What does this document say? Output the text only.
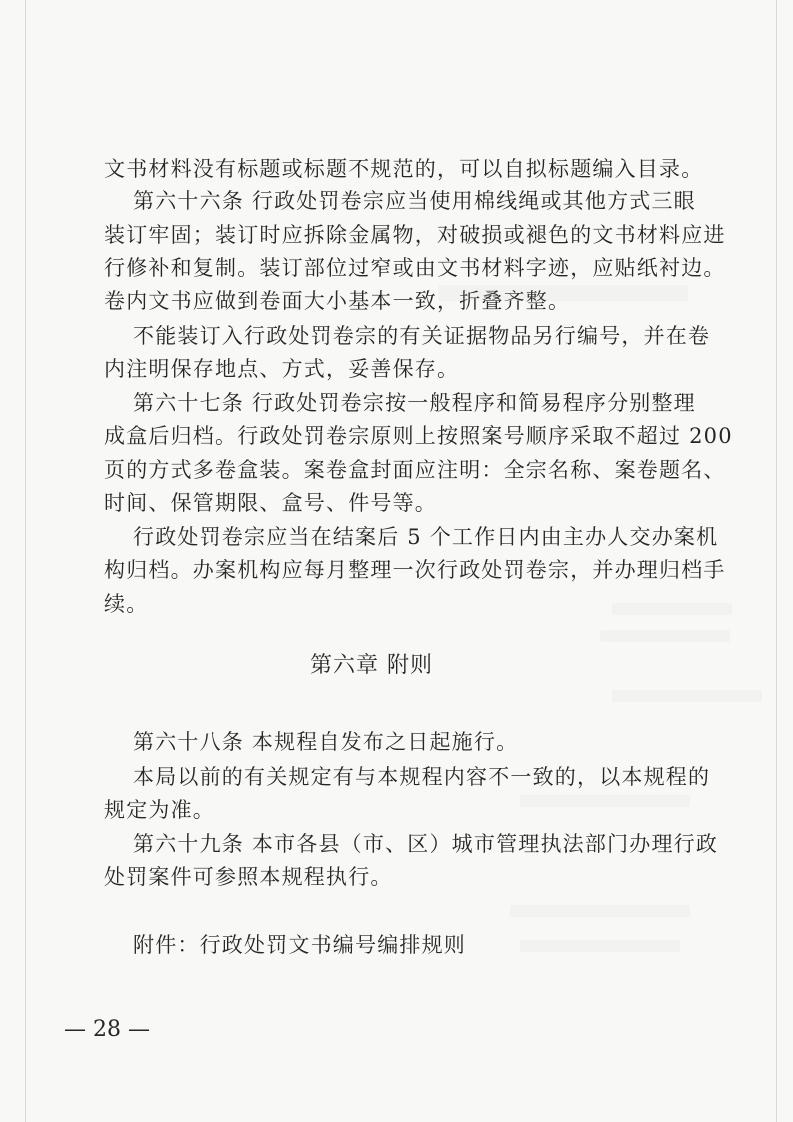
文书材料没有标题或标题不规范的，可以自拟标题编入目录。
第六十六条 行政处罚卷宗应当使用棉线绳或其他方式三眼
装订牢固；装订时应拆除金属物，对破损或褪色的文书材料应进
行修补和复制。装订部位过窄或由文书材料字迹，应贴纸衬边。
卷内文书应做到卷面大小基本一致，折叠齐整。
不能装订入行政处罚卷宗的有关证据物品另行编号，并在卷
内注明保存地点、方式，妥善保存。
第六十七条 行政处罚卷宗按一般程序和简易程序分别整理
成盒后归档。行政处罚卷宗原则上按照案号顺序采取不超过 200
页的方式多卷盒装。案卷盒封面应注明：全宗名称、案卷题名、
时间、保管期限、盒号、件号等。
行政处罚卷宗应当在结案后 5 个工作日内由主办人交办案机
构归档。办案机构应每月整理一次行政处罚卷宗，并办理归档手
续。
第六章 附则
第六十八条 本规程自发布之日起施行。
本局以前的有关规定有与本规程内容不一致的，以本规程的
规定为准。
第六十九条 本市各县（市、区）城市管理执法部门办理行政
处罚案件可参照本规程执行。
附件：行政处罚文书编号编排规则
— 28 —
